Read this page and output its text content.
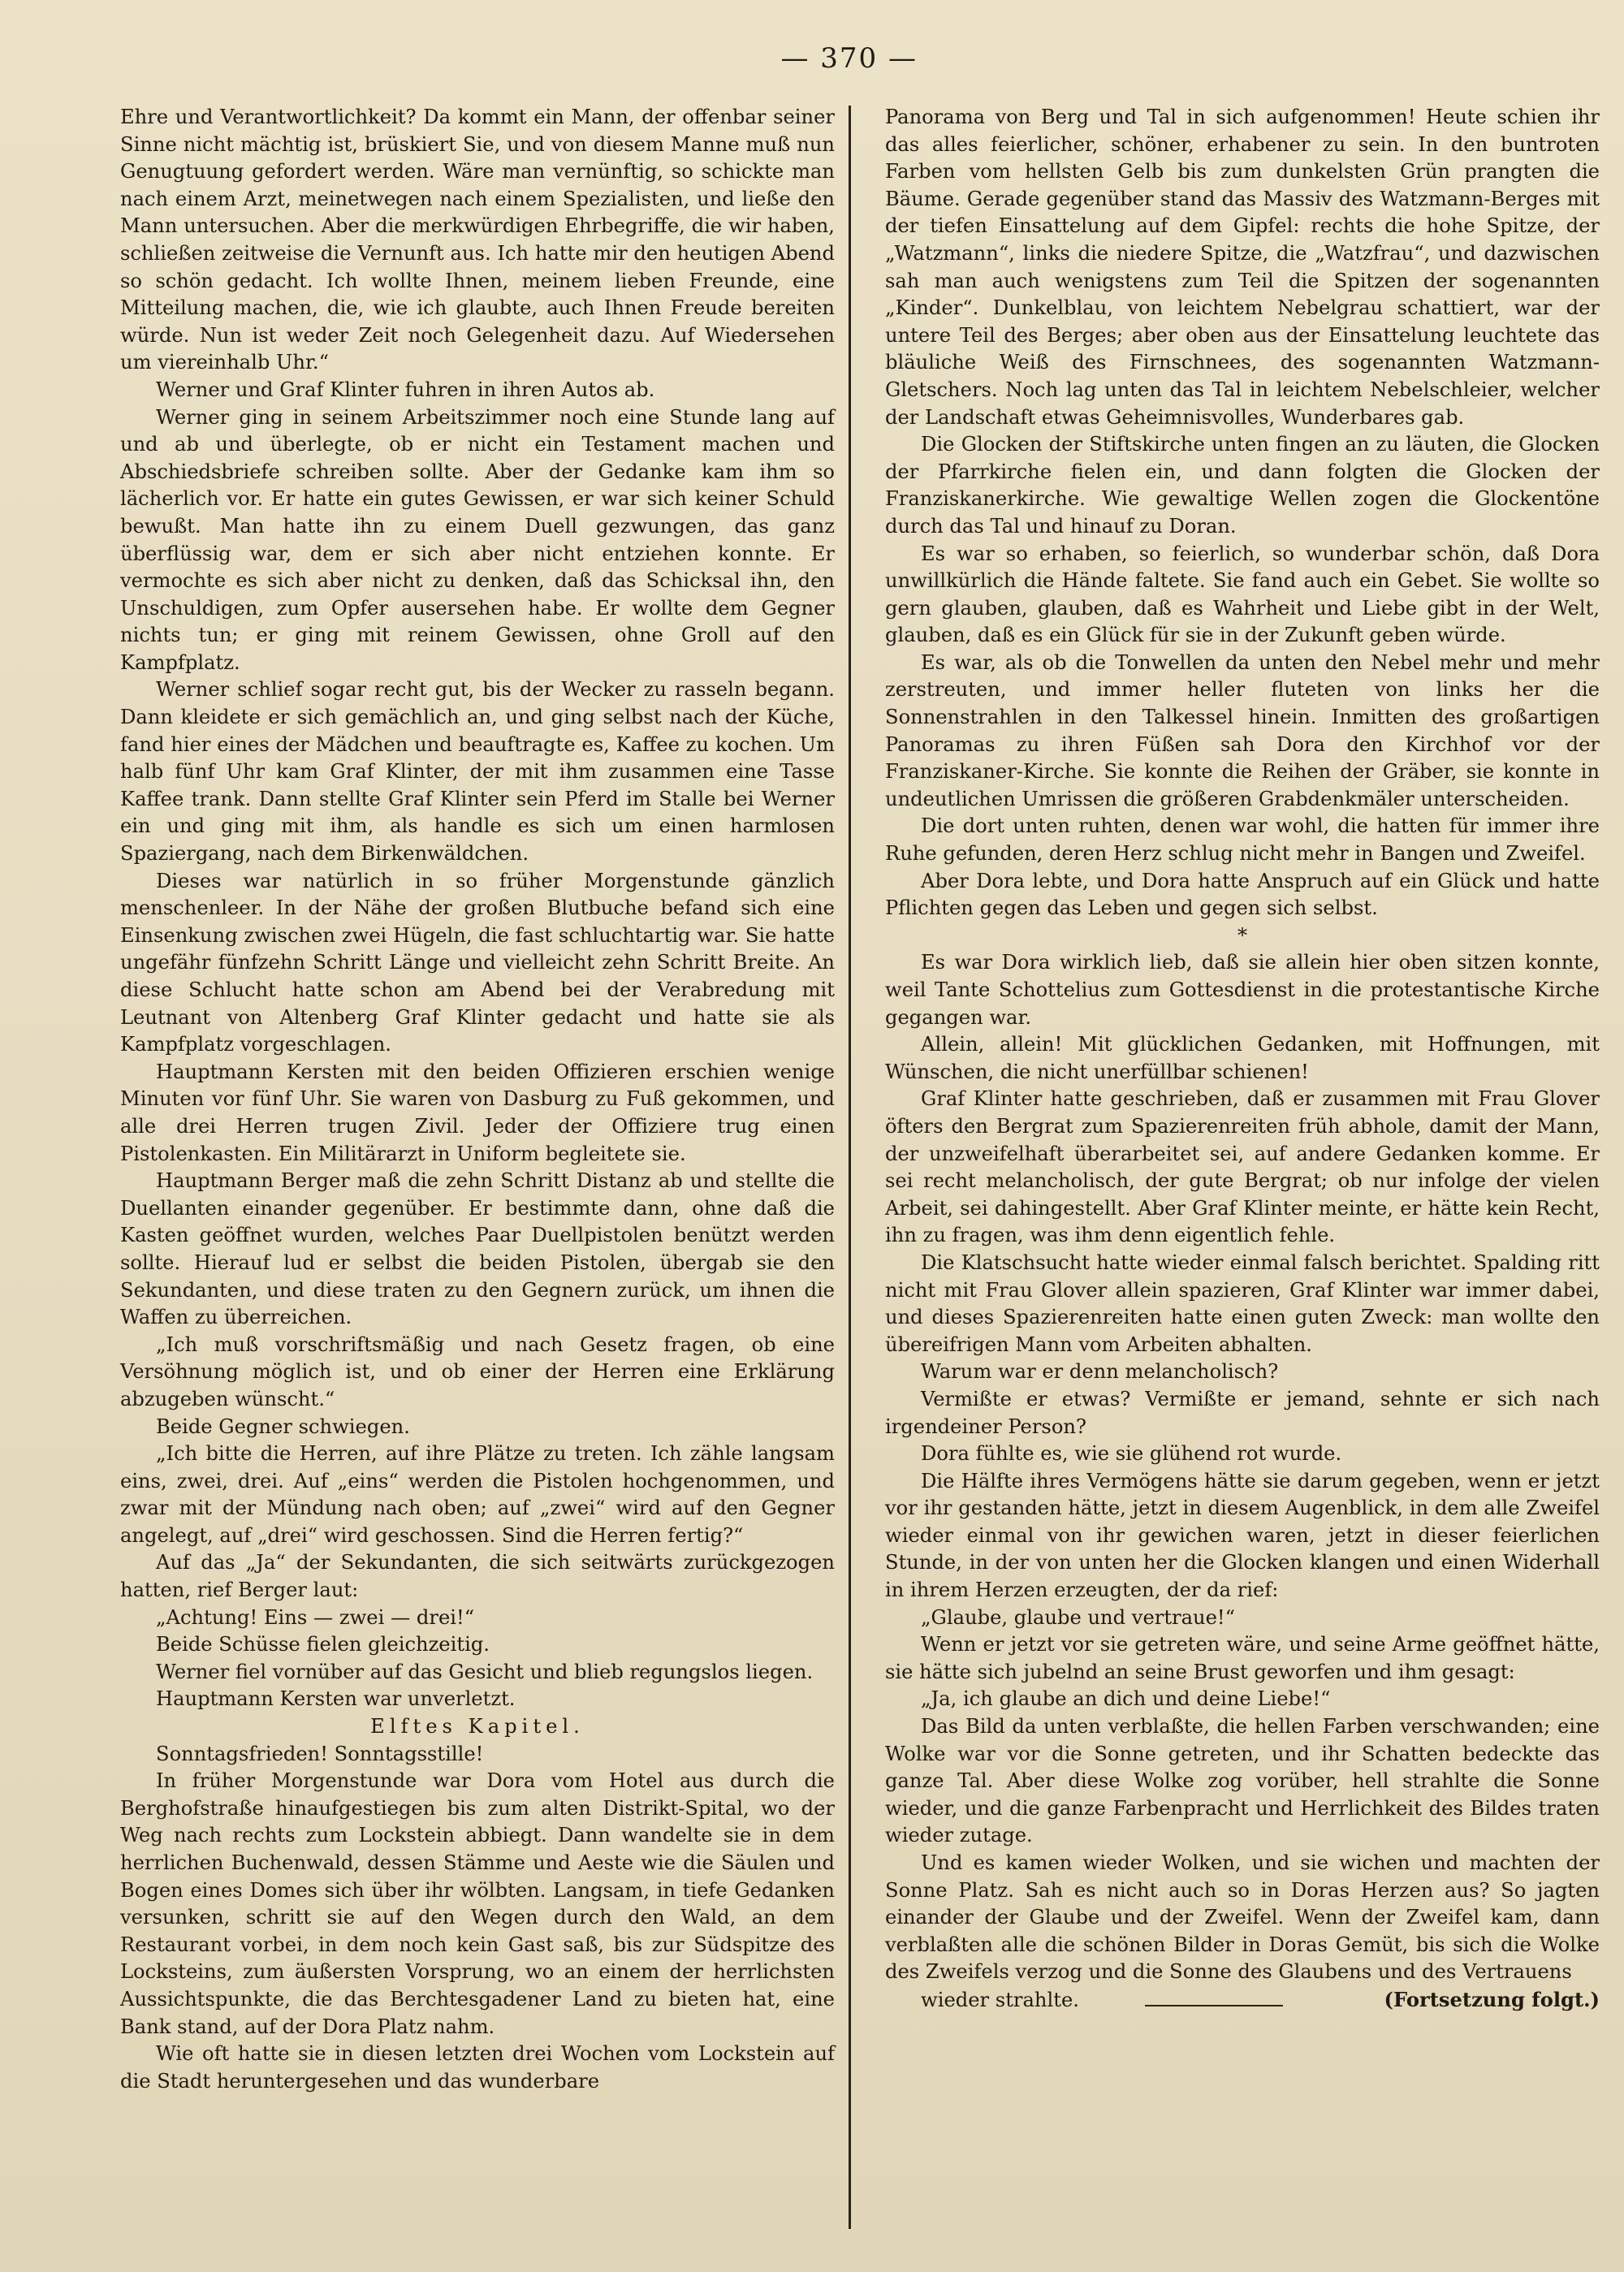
— 370 —

Ehre und Verantwortlichkeit? Da kommt ein Mann, der offenbar seiner Sinne nicht mächtig ist, brüskiert Sie, und von diesem Manne muß nun Genugtuung gefordert werden. Wäre man vernünftig, so schickte man nach einem Arzt, meinetwegen nach einem Spezialisten, und ließe den Mann untersuchen. Aber die merkwürdigen Ehrbegriffe, die wir haben, schließen zeitweise die Vernunft aus. Ich hatte mir den heutigen Abend so schön gedacht. Ich wollte Ihnen, meinem lieben Freunde, eine Mitteilung machen, die, wie ich glaubte, auch Ihnen Freude bereiten würde. Nun ist weder Zeit noch Gelegenheit dazu. Auf Wiedersehen um viereinhalb Uhr.“

Werner und Graf Klinter fuhren in ihren Autos ab.

Werner ging in seinem Arbeitszimmer noch eine Stunde lang auf und ab und überlegte, ob er nicht ein Testament machen und Abschiedsbriefe schreiben sollte. Aber der Gedanke kam ihm so lächerlich vor. Er hatte ein gutes Gewissen, er war sich keiner Schuld bewußt. Man hatte ihn zu einem Duell gezwungen, das ganz überflüssig war, dem er sich aber nicht entziehen konnte. Er vermochte es sich aber nicht zu denken, daß das Schicksal ihn, den Unschuldigen, zum Opfer ausersehen habe. Er wollte dem Gegner nichts tun; er ging mit reinem Gewissen, ohne Groll auf den Kampfplatz.

Werner schlief sogar recht gut, bis der Wecker zu rasseln begann. Dann kleidete er sich gemächlich an, und ging selbst nach der Küche, fand hier eines der Mädchen und beauftragte es, Kaffee zu kochen. Um halb fünf Uhr kam Graf Klinter, der mit ihm zusammen eine Tasse Kaffee trank. Dann stellte Graf Klinter sein Pferd im Stalle bei Werner ein und ging mit ihm, als handle es sich um einen harmlosen Spaziergang, nach dem Birkenwäldchen.

Dieses war natürlich in so früher Morgenstunde gänzlich menschenleer. In der Nähe der großen Blutbuche befand sich eine Einsenkung zwischen zwei Hügeln, die fast schluchtartig war. Sie hatte ungefähr fünfzehn Schritt Länge und vielleicht zehn Schritt Breite. An diese Schlucht hatte schon am Abend bei der Verabredung mit Leutnant von Altenberg Graf Klinter gedacht und hatte sie als Kampfplatz vorgeschlagen.

Hauptmann Kersten mit den beiden Offizieren erschien wenige Minuten vor fünf Uhr. Sie waren von Dasburg zu Fuß gekommen, und alle drei Herren trugen Zivil. Jeder der Offiziere trug einen Pistolenkasten. Ein Militärarzt in Uniform begleitete sie.

Hauptmann Berger maß die zehn Schritt Distanz ab und stellte die Duellanten einander gegenüber. Er bestimmte dann, ohne daß die Kasten geöffnet wurden, welches Paar Duellpistolen benützt werden sollte. Hierauf lud er selbst die beiden Pistolen, übergab sie den Sekundanten, und diese traten zu den Gegnern zurück, um ihnen die Waffen zu überreichen.

„Ich muß vorschriftsmäßig und nach Gesetz fragen, ob eine Versöhnung möglich ist, und ob einer der Herren eine Erklärung abzugeben wünscht.“

Beide Gegner schwiegen.

„Ich bitte die Herren, auf ihre Plätze zu treten. Ich zähle langsam eins, zwei, drei. Auf „eins“ werden die Pistolen hochgenommen, und zwar mit der Mündung nach oben; auf „zwei“ wird auf den Gegner angelegt, auf „drei“ wird geschossen. Sind die Herren fertig?“

Auf das „Ja“ der Sekundanten, die sich seitwärts zurückgezogen hatten, rief Berger laut:

„Achtung! Eins — zwei — drei!“

Beide Schüsse fielen gleichzeitig.

Werner fiel vornüber auf das Gesicht und blieb regungslos liegen.

Hauptmann Kersten war unverletzt.

Elftes Kapitel.

Sonntagsfrieden! Sonntagsstille!

In früher Morgenstunde war Dora vom Hotel aus durch die Berghofstraße hinaufgestiegen bis zum alten Distrikt-Spital, wo der Weg nach rechts zum Lockstein abbiegt. Dann wandelte sie in dem herrlichen Buchenwald, dessen Stämme und Aeste wie die Säulen und Bogen eines Domes sich über ihr wölbten. Langsam, in tiefe Gedanken versunken, schritt sie auf den Wegen durch den Wald, an dem Restaurant vorbei, in dem noch kein Gast saß, bis zur Südspitze des Locksteins, zum äußersten Vorsprung, wo an einem der herrlichsten Aussichtspunkte, die das Berchtesgadener Land zu bieten hat, eine Bank stand, auf der Dora Platz nahm.

Wie oft hatte sie in diesen letzten drei Wochen vom Lockstein auf die Stadt heruntergesehen und das wunderbare

Panorama von Berg und Tal in sich aufgenommen! Heute schien ihr das alles feierlicher, schöner, erhabener zu sein. In den buntroten Farben vom hellsten Gelb bis zum dunkelsten Grün prangten die Bäume. Gerade gegenüber stand das Massiv des Watzmann-Berges mit der tiefen Einsattelung auf dem Gipfel: rechts die hohe Spitze, der „Watzmann“, links die niedere Spitze, die „Watzfrau“, und dazwischen sah man auch wenigstens zum Teil die Spitzen der sogenannten „Kinder“. Dunkelblau, von leichtem Nebelgrau schattiert, war der untere Teil des Berges; aber oben aus der Einsattelung leuchtete das bläuliche Weiß des Firnschnees, des sogenannten Watzmann-Gletschers. Noch lag unten das Tal in leichtem Nebelschleier, welcher der Landschaft etwas Geheimnisvolles, Wunderbares gab.

Die Glocken der Stiftskirche unten fingen an zu läuten, die Glocken der Pfarrkirche fielen ein, und dann folgten die Glocken der Franziskanerkirche. Wie gewaltige Wellen zogen die Glockentöne durch das Tal und hinauf zu Doran.

Es war so erhaben, so feierlich, so wunderbar schön, daß Dora unwillkürlich die Hände faltete. Sie fand auch ein Gebet. Sie wollte so gern glauben, glauben, daß es Wahrheit und Liebe gibt in der Welt, glauben, daß es ein Glück für sie in der Zukunft geben würde.

Es war, als ob die Tonwellen da unten den Nebel mehr und mehr zerstreuten, und immer heller fluteten von links her die Sonnenstrahlen in den Talkessel hinein. Inmitten des großartigen Panoramas zu ihren Füßen sah Dora den Kirchhof vor der Franziskaner-Kirche. Sie konnte die Reihen der Gräber, sie konnte in undeutlichen Umrissen die größeren Grabdenkmäler unterscheiden.

Die dort unten ruhten, denen war wohl, die hatten für immer ihre Ruhe gefunden, deren Herz schlug nicht mehr in Bangen und Zweifel.

Aber Dora lebte, und Dora hatte Anspruch auf ein Glück und hatte Pflichten gegen das Leben und gegen sich selbst.

*

Es war Dora wirklich lieb, daß sie allein hier oben sitzen konnte, weil Tante Schottelius zum Gottesdienst in die protestantische Kirche gegangen war.

Allein, allein! Mit glücklichen Gedanken, mit Hoffnungen, mit Wünschen, die nicht unerfüllbar schienen!

Graf Klinter hatte geschrieben, daß er zusammen mit Frau Glover öfters den Bergrat zum Spazierenreiten früh abhole, damit der Mann, der unzweifelhaft überarbeitet sei, auf andere Gedanken komme. Er sei recht melancholisch, der gute Bergrat; ob nur infolge der vielen Arbeit, sei dahingestellt. Aber Graf Klinter meinte, er hätte kein Recht, ihn zu fragen, was ihm denn eigentlich fehle.

Die Klatschsucht hatte wieder einmal falsch berichtet. Spalding ritt nicht mit Frau Glover allein spazieren, Graf Klinter war immer dabei, und dieses Spazierenreiten hatte einen guten Zweck: man wollte den übereifrigen Mann vom Arbeiten abhalten.

Warum war er denn melancholisch?

Vermißte er etwas? Vermißte er jemand, sehnte er sich nach irgendeiner Person?

Dora fühlte es, wie sie glühend rot wurde.

Die Hälfte ihres Vermögens hätte sie darum gegeben, wenn er jetzt vor ihr gestanden hätte, jetzt in diesem Augenblick, in dem alle Zweifel wieder einmal von ihr gewichen waren, jetzt in dieser feierlichen Stunde, in der von unten her die Glocken klangen und einen Widerhall in ihrem Herzen erzeugten, der da rief:

„Glaube, glaube und vertraue!“

Wenn er jetzt vor sie getreten wäre, und seine Arme geöffnet hätte, sie hätte sich jubelnd an seine Brust geworfen und ihm gesagt:

„Ja, ich glaube an dich und deine Liebe!“

Das Bild da unten verblaßte, die hellen Farben verschwanden; eine Wolke war vor die Sonne getreten, und ihr Schatten bedeckte das ganze Tal. Aber diese Wolke zog vorüber, hell strahlte die Sonne wieder, und die ganze Farbenpracht und Herrlichkeit des Bildes traten wieder zutage.

Und es kamen wieder Wolken, und sie wichen und machten der Sonne Platz. Sah es nicht auch so in Doras Herzen aus? So jagten einander der Glaube und der Zweifel. Wenn der Zweifel kam, dann verblaßten alle die schönen Bilder in Doras Gemüt, bis sich die Wolke des Zweifels verzog und die Sonne des Glaubens und des Vertrauens

wieder strahlte.	(Fortsetzung folgt.)
